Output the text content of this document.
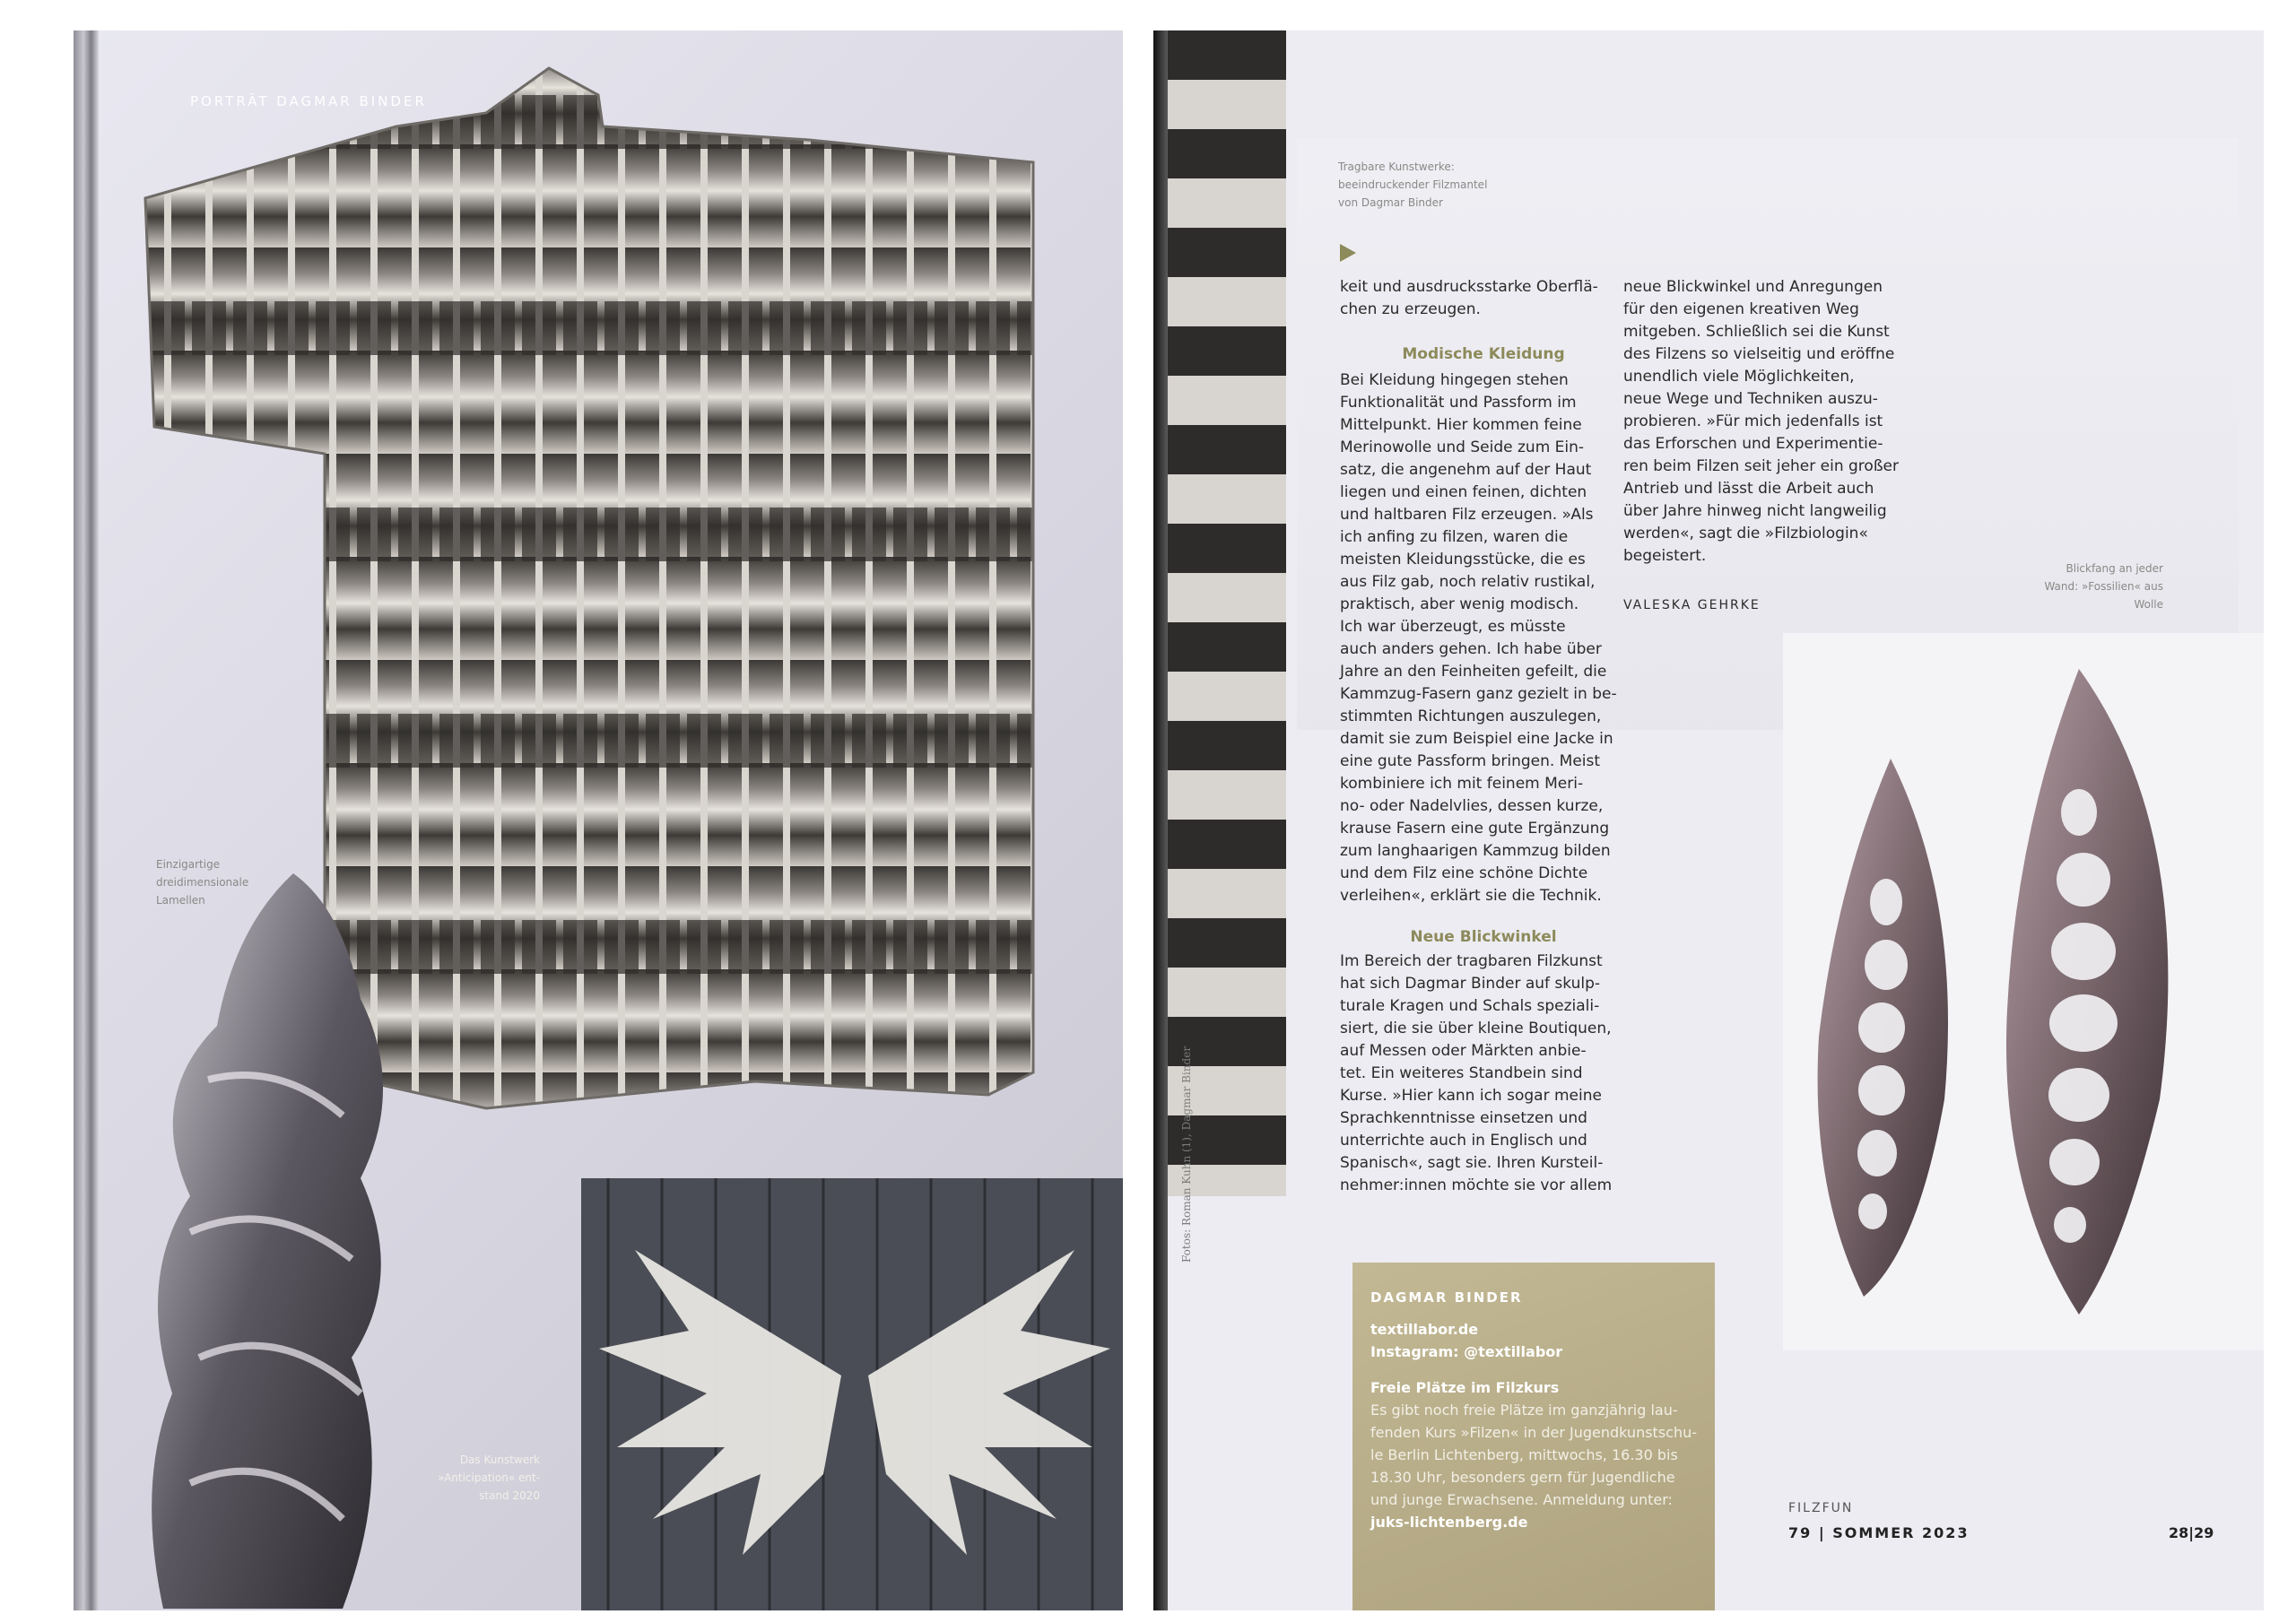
Einzigartige
dreidimensionale
Lamellen
Das Kunstwerk
»Anticipation« ent-
stand 2020
PORTRÄT DAGMAR BINDER
DAGMAR BINDER
textillabor.de
Instagram: @textillabor
Freie Plätze im Filzkurs
Es gibt noch freie Plätze im ganzjährig lau-
fenden Kurs »Filzen« in der Jugendkunstschu-
le Berlin Lichtenberg, mittwochs, 16.30 bis
18.30 Uhr, besonders gern für Jugendliche
und junge Erwachsene. Anmeldung unter:
juks-lichtenberg.de
Tragbare Kunstwerke:
beeindruckender Filzmantel
von Dagmar Binder
keit und ausdrucksstarke Oberflä-
chen zu erzeugen.
Modische Kleidung
Bei Kleidung hingegen stehen
Funktionalität und Passform im
Mittelpunkt. Hier kommen feine
Merinowolle und Seide zum Ein-
satz, die angenehm auf der Haut
liegen und einen feinen, dichten
und haltbaren Filz erzeugen. »Als
ich anfing zu filzen, waren die
meisten Kleidungsstücke, die es
aus Filz gab, noch relativ rustikal,
praktisch, aber wenig modisch.
Ich war überzeugt, es müsste
auch anders gehen. Ich habe über
Jahre an den Feinheiten gefeilt, die
Kammzug-Fasern ganz gezielt in be-
stimmten Richtungen auszulegen,
damit sie zum Beispiel eine Jacke in
eine gute Passform bringen. Meist
kombiniere ich mit feinem Meri-
no- oder Nadelvlies, dessen kurze,
krause Fasern eine gute Ergänzung
zum langhaarigen Kammzug bilden
und dem Filz eine schöne Dichte
verleihen«, erklärt sie die Technik.
Neue Blickwinkel
Im Bereich der tragbaren Filzkunst
hat sich Dagmar Binder auf skulp-
turale Kragen und Schals speziali-
siert, die sie über kleine Boutiquen,
auf Messen oder Märkten anbie-
tet. Ein weiteres Standbein sind
Kurse. »Hier kann ich sogar meine
Sprachkenntnisse einsetzen und
unterrichte auch in Englisch und
Spanisch«, sagt sie. Ihren Kursteil-
nehmer:innen möchte sie vor allem
neue Blickwinkel und Anregungen
für den eigenen kreativen Weg
mitgeben. Schließlich sei die Kunst
des Filzens so vielseitig und eröffne
unendlich viele Möglichkeiten,
neue Wege und Techniken auszu-
probieren. »Für mich jedenfalls ist
das Erforschen und Experimentie-
ren beim Filzen seit jeher ein großer
Antrieb und lässt die Arbeit auch
über Jahre hinweg nicht langweilig
werden«, sagt die »Filzbiologin«
begeistert.
VALESKA GEHRKE
Blickfang an jeder
Wand: »Fossilien« aus
Wolle
Fotos: Roman Kuhn (1), Dagmar Binder
FILZFUN
79 | SOMMER 2023	28|29
